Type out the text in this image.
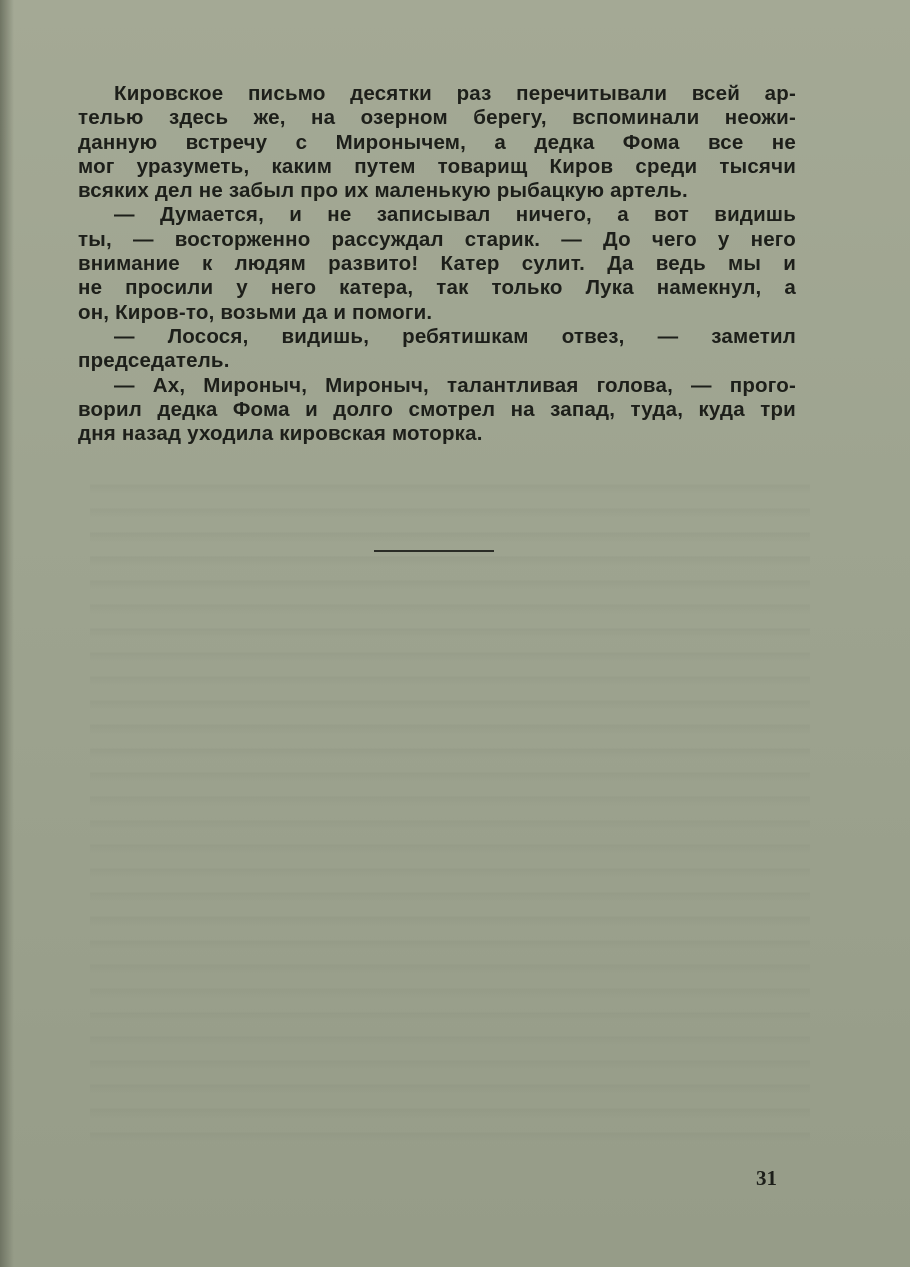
Кировское письмо десятки раз перечитывали всей ар-
телью здесь же, на озерном берегу, вспоминали неожи-
данную встречу с Миронычем, а дедка Фома все не
мог уразуметь, каким путем товарищ Киров среди тысячи
всяких дел не забыл про их маленькую рыбацкую артель.
— Думается, и не записывал ничего, а вот видишь
ты, — восторженно рассуждал старик. — До чего у него
внимание к людям развито! Катер сулит. Да ведь мы и
не просили у него катера, так только Лука намекнул, а
он, Киров-то, возьми да и помоги.
— Лосося, видишь, ребятишкам отвез, — заметил
председатель.
— Ах, Мироныч, Мироныч, талантливая голова, — прого-
ворил дедка Фома и долго смотрел на запад, туда, куда три
дня назад уходила кировская моторка.
31
